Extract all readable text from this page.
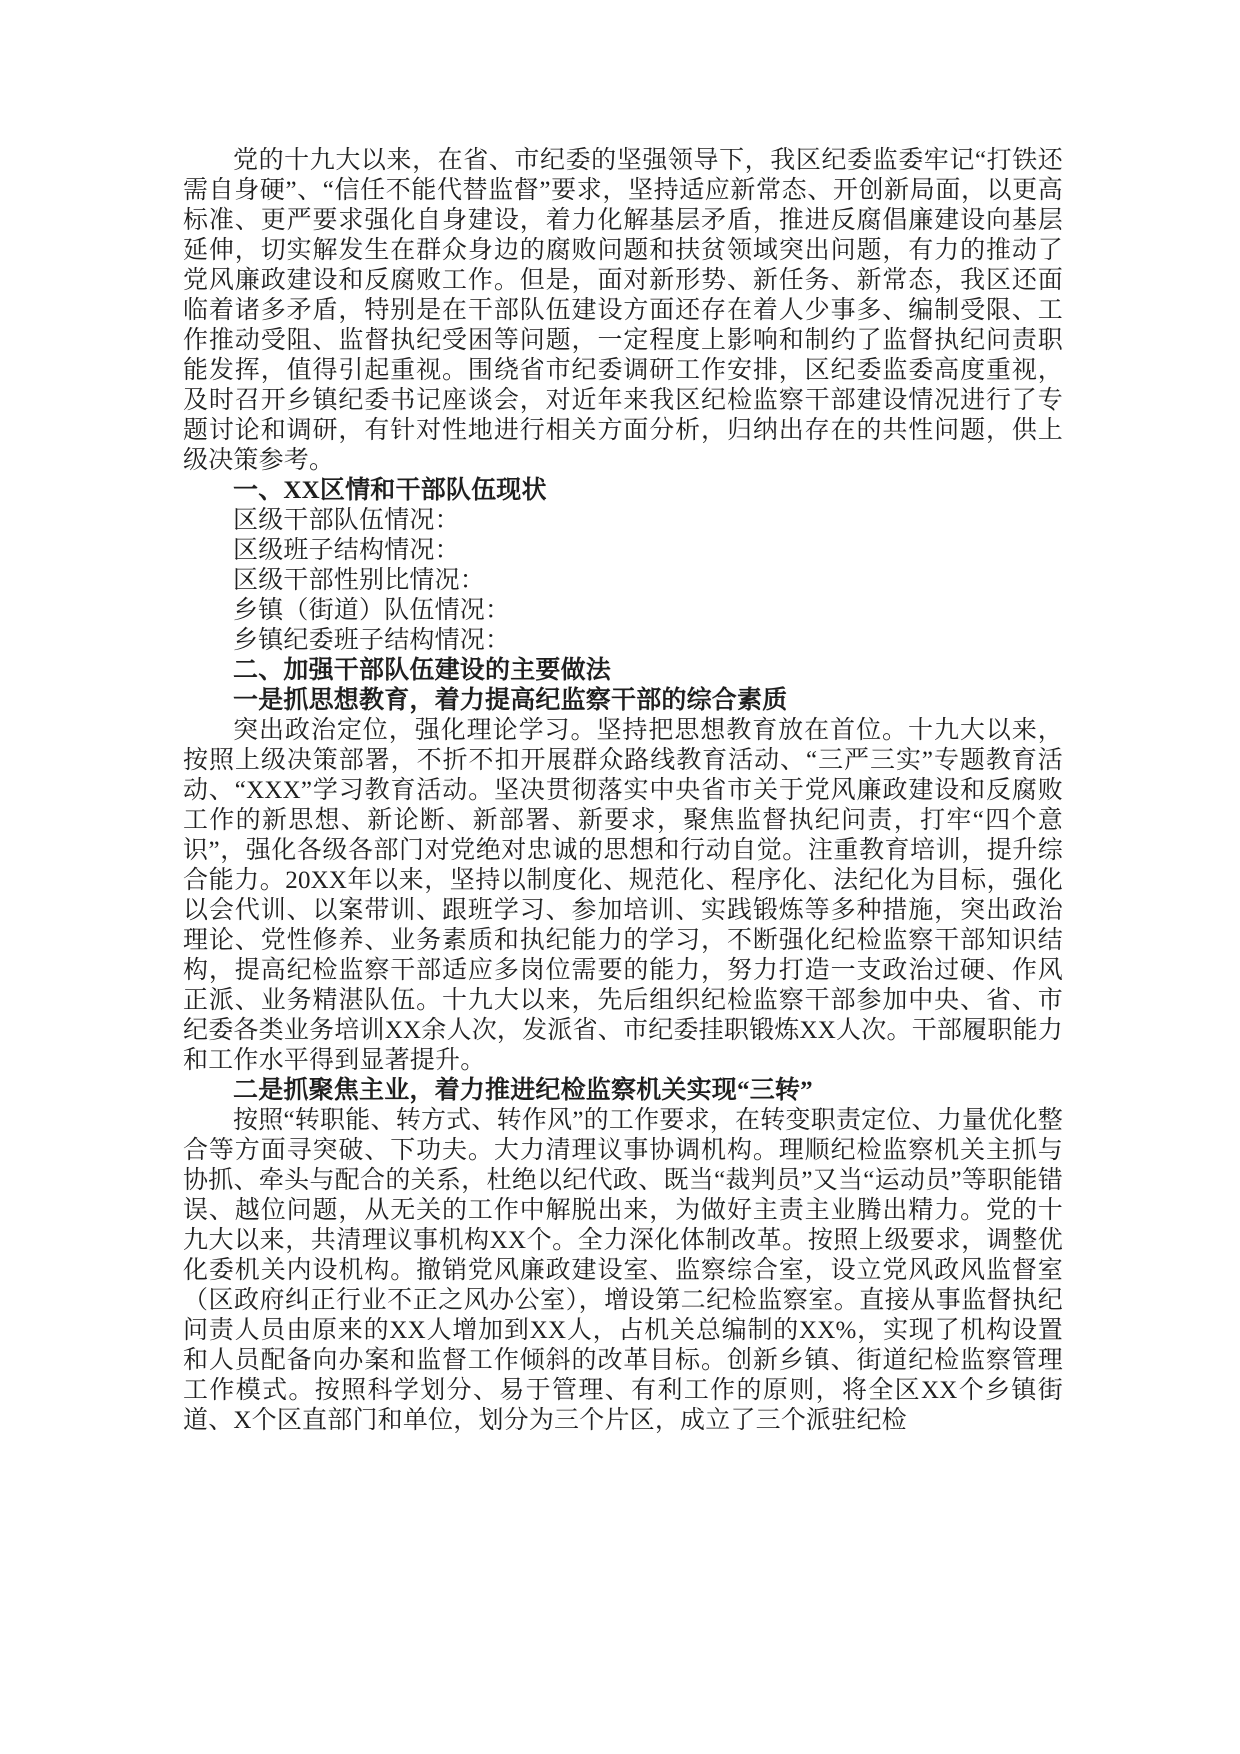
党的十九大以来，在省、市纪委的坚强领导下，我区纪委监委牢记“打铁还需自身硬”、“信任不能代替监督”要求，坚持适应新常态、开创新局面，以更高标准、更严要求强化自身建设，着力化解基层矛盾，推进反腐倡廉建设向基层延伸，切实解发生在群众身边的腐败问题和扶贫领域突出问题，有力的推动了党风廉政建设和反腐败工作。但是，面对新形势、新任务、新常态，我区还面临着诸多矛盾，特别是在干部队伍建设方面还存在着人少事多、编制受限、工作推动受阻、监督执纪受困等问题，一定程度上影响和制约了监督执纪问责职能发挥，值得引起重视。围绕省市纪委调研工作安排，区纪委监委高度重视，及时召开乡镇纪委书记座谈会，对近年来我区纪检监察干部建设情况进行了专题讨论和调研，有针对性地进行相关方面分析，归纳出存在的共性问题，供上级决策参考。

一、XX区情和干部队伍现状

区级干部队伍情况：

区级班子结构情况：

区级干部性别比情况：

乡镇（街道）队伍情况：

乡镇纪委班子结构情况：

二、加强干部队伍建设的主要做法

一是抓思想教育，着力提高纪监察干部的综合素质

突出政治定位，强化理论学习。坚持把思想教育放在首位。十九大以来，按照上级决策部署，不折不扣开展群众路线教育活动、“三严三实”专题教育活动、“XXX”学习教育活动。坚决贯彻落实中央省市关于党风廉政建设和反腐败工作的新思想、新论断、新部署、新要求，聚焦监督执纪问责，打牢“四个意识”，强化各级各部门对党绝对忠诚的思想和行动自觉。注重教育培训，提升综合能力。20XX年以来，坚持以制度化、规范化、程序化、法纪化为目标，强化以会代训、以案带训、跟班学习、参加培训、实践锻炼等多种措施，突出政治理论、党性修养、业务素质和执纪能力的学习，不断强化纪检监察干部知识结构，提高纪检监察干部适应多岗位需要的能力，努力打造一支政治过硬、作风正派、业务精湛队伍。十九大以来，先后组织纪检监察干部参加中央、省、市纪委各类业务培训XX余人次，发派省、市纪委挂职锻炼XX人次。干部履职能力和工作水平得到显著提升。

二是抓聚焦主业，着力推进纪检监察机关实现“三转”

按照“转职能、转方式、转作风”的工作要求，在转变职责定位、力量优化整合等方面寻突破、下功夫。大力清理议事协调机构。理顺纪检监察机关主抓与协抓、牵头与配合的关系，杜绝以纪代政、既当“裁判员”又当“运动员”等职能错误、越位问题，从无关的工作中解脱出来，为做好主责主业腾出精力。党的十九大以来，共清理议事机构XX个。全力深化体制改革。按照上级要求，调整优化委机关内设机构。撤销党风廉政建设室、监察综合室，设立党风政风监督室（区政府纠正行业不正之风办公室），增设第二纪检监察室。直接从事监督执纪问责人员由原来的XX人增加到XX人，占机关总编制的XX%，实现了机构设置和人员配备向办案和监督工作倾斜的改革目标。创新乡镇、街道纪检监察管理工作模式。按照科学划分、易于管理、有利工作的原则，将全区XX个乡镇街道、X个区直部门和单位，划分为三个片区，成立了三个派驻纪检
